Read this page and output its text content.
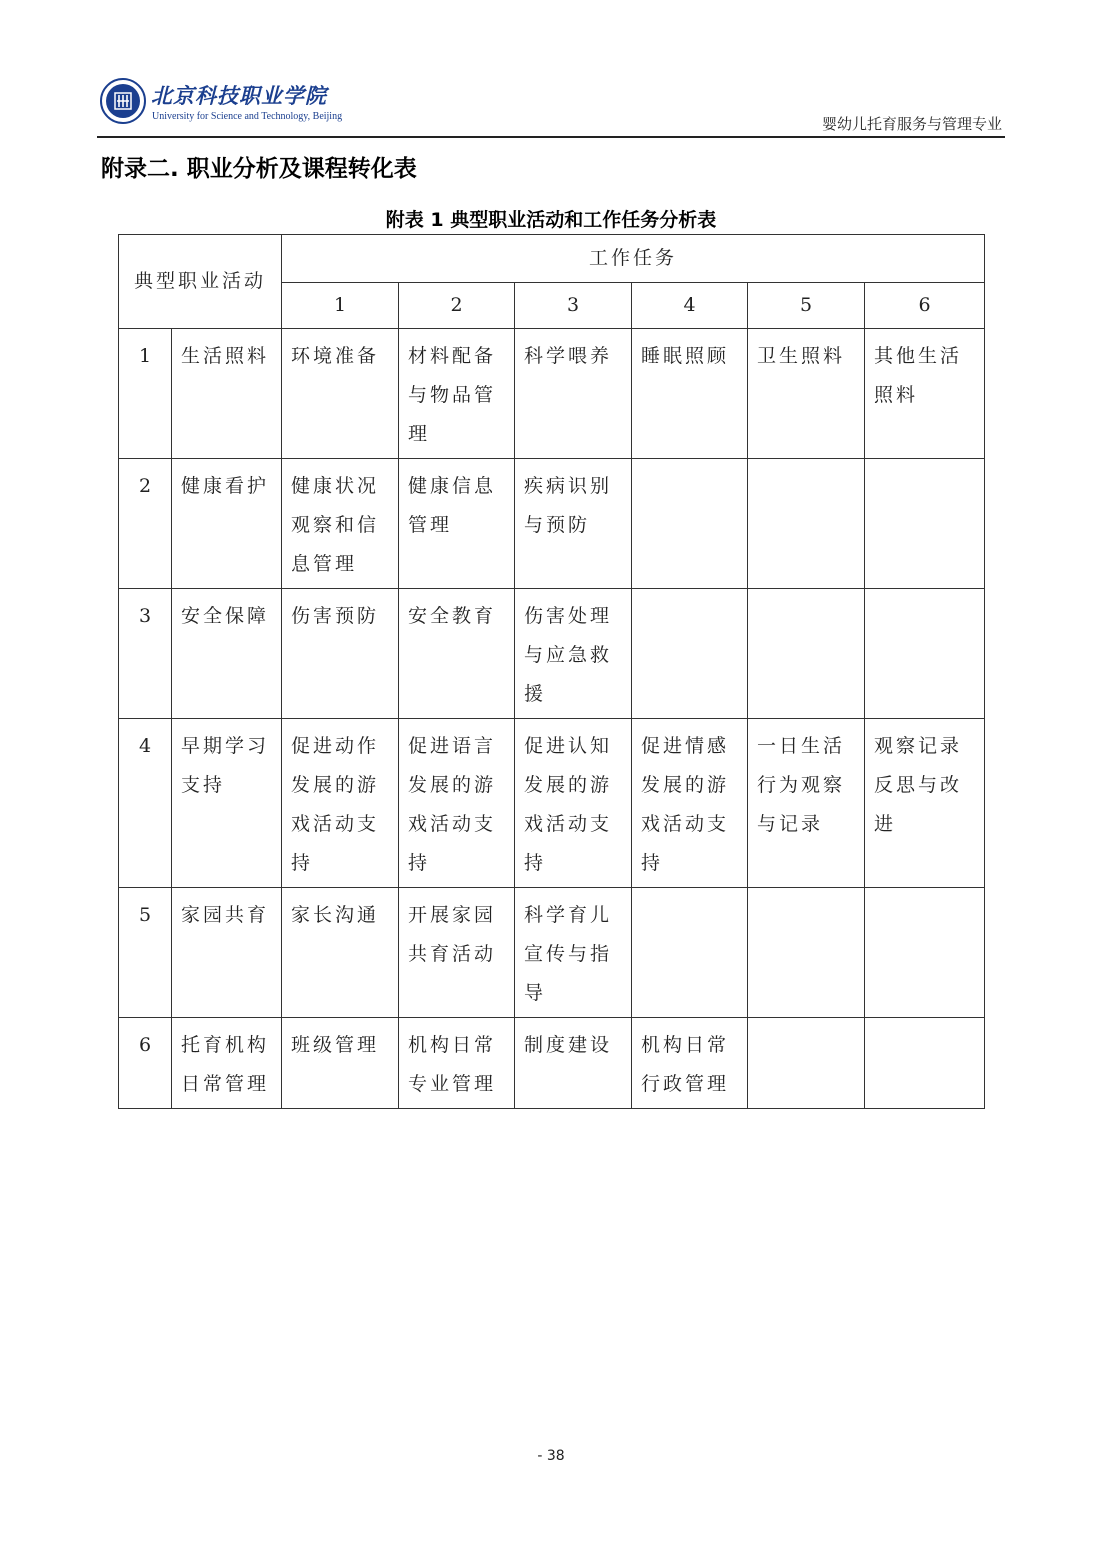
北京科技职业学院
University for Science and Technology, Beijing	婴幼儿托育服务与管理专业
附录二. 职业分析及课程转化表
附表 1 典型职业活动和工作任务分析表
典型职业活动		工作任务					
		1	2	3	4	5	6
1	生活照料	环境准备	材料配备与物品管理	科学喂养	睡眠照顾	卫生照料	其他生活照料
2	健康看护	健康状况观察和信息管理	健康信息管理	疾病识别与预防			
3	安全保障	伤害预防	安全教育	伤害处理与应急救援			
4	早期学习支持	促进动作发展的游戏活动支持	促进语言发展的游戏活动支持	促进认知发展的游戏活动支持	促进情感发展的游戏活动支持	一日生活行为观察与记录	观察记录反思与改进
5	家园共育	家长沟通	开展家园共育活动	科学育儿宣传与指导			
6	托育机构日常管理	班级管理	机构日常专业管理	制度建设	机构日常行政管理		
- 38
